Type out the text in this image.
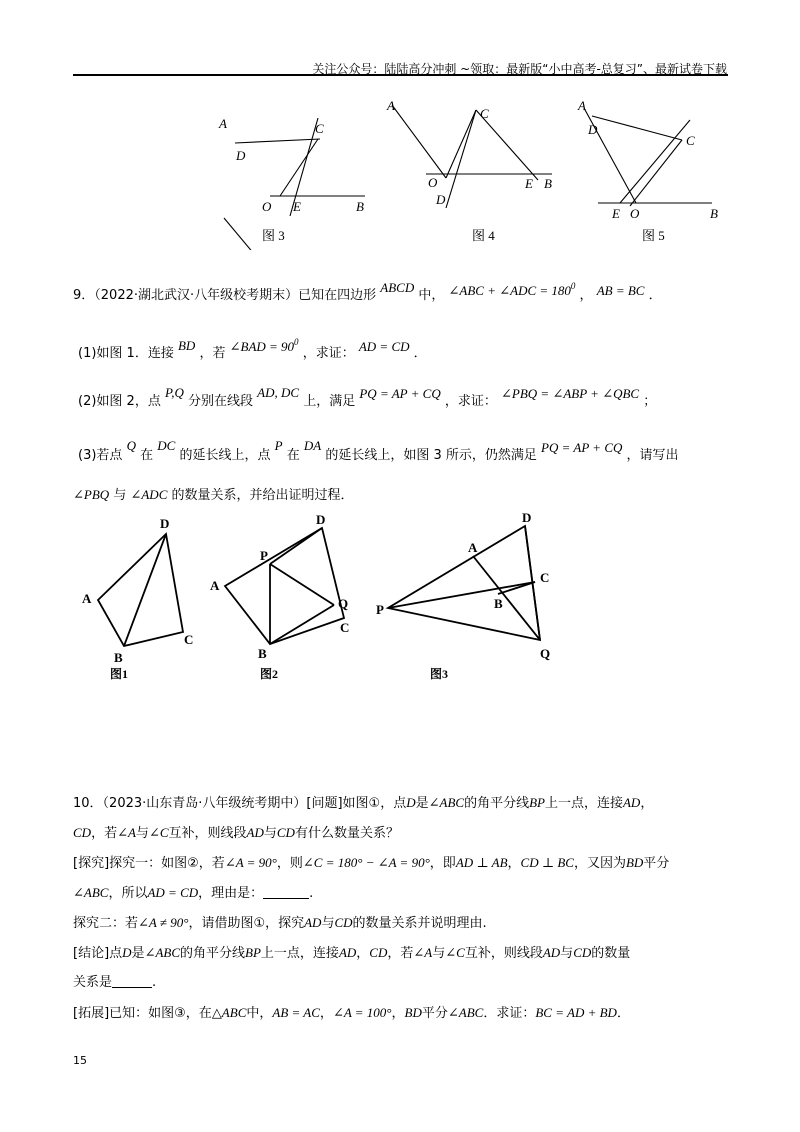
关注公众号：陆陆高分冲刺 ~领取：最新版“小中高考-总复习”、最新试卷下载
A
D
C
O E	B
图 3
A
C
O
D
E B
图 4
A
D
C
E O	B
图 5
9．（2022·湖北武汉·八年级校考期末）已知在四边形 ABCD 中， ∠ABC + ∠ADC = $180^0$ ， AB = BC ．
(1)如图 1．连接 BD ，若 ∠BAD = $90^0$ ，求证： AD = CD ．
(2)如图 2，点 P,Q 分别在线段 AD, DC 上，满足 PQ = AP + CQ ，求证： ∠PBQ = ∠ABP + ∠QBC ；
(3)若点 Q 在 DC 的延长线上，点 P 在 DA 的延长线上，如图 3 所示，仍然满足 PQ = AP + CQ ，请写出
∠PBQ 与 ∠ADC 的数量关系，并给出证明过程．
D
A
B
C
图1
D
P
A
Q
C
B
图2
D
A
C
B
P
Q
图3
10．（2023·山东青岛·八年级统考期中）[问题]如图①，点D是∠ABC的角平分线BP上一点，连接AD，
CD，若∠A与∠C互补，则线段AD与CD有什么数量关系？
[探究]探究一：如图②，若∠A = 90°，则∠C = 180° − ∠A = 90°，即AD ⊥ AB，CD ⊥ BC，又因为BD平分
∠ABC，所以AD = CD，理由是：	.
探究二：若∠A ≠ 90°，请借助图①，探究AD与CD的数量关系并说明理由.
[结论]点D是∠ABC的角平分线BP上一点，连接AD，CD，若∠A与∠C互补，则线段AD与CD的数量
关系是	.
[拓展]已知：如图③，在△ABC中，AB = AC，∠A = 100°，BD平分∠ABC．求证：BC = AD + BD．
15
